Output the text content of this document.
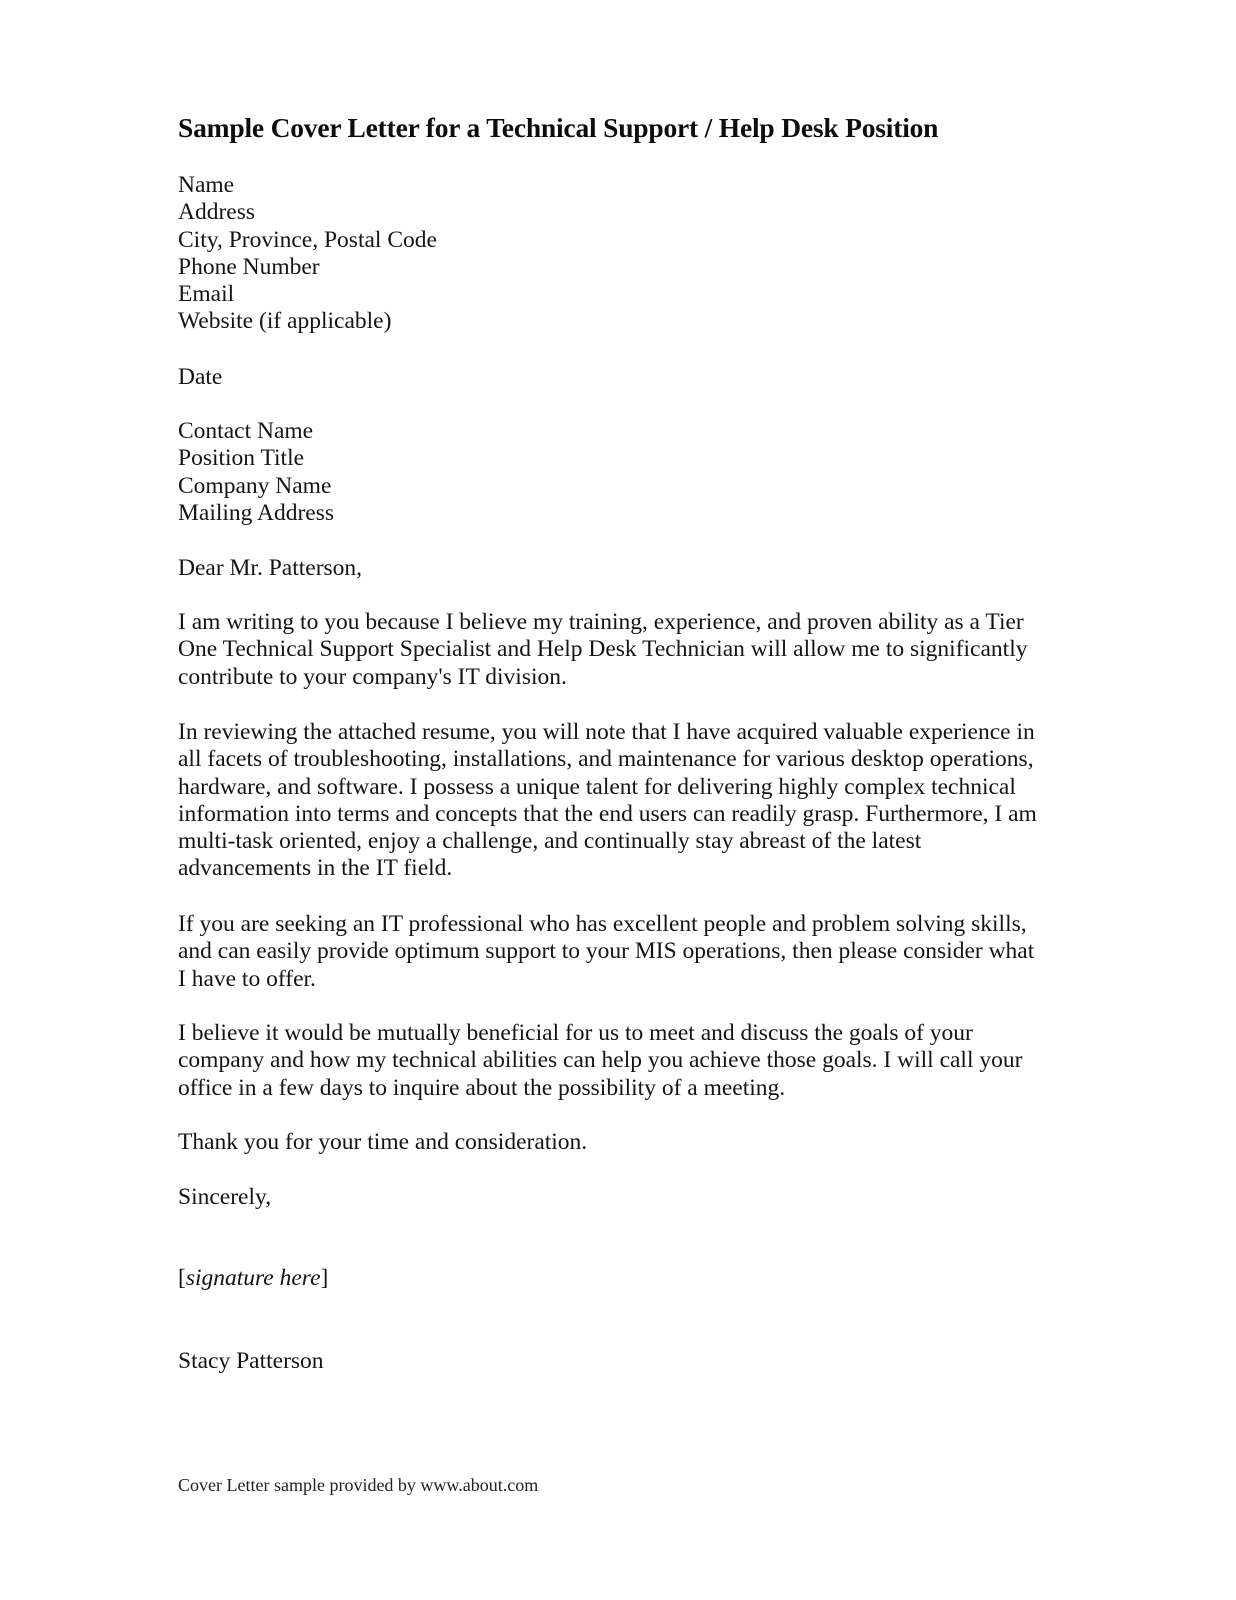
Sample Cover Letter for a Technical Support / Help Desk Position
Name
Address
City, Province, Postal Code
Phone Number
Email
Website (if applicable)
Date
Contact Name
Position Title
Company Name
Mailing Address
Dear Mr. Patterson,
I am writing to you because I believe my training, experience, and proven ability as a Tier
One Technical Support Specialist and Help Desk Technician will allow me to significantly
contribute to your company's IT division.
In reviewing the attached resume, you will note that I have acquired valuable experience in
all facets of troubleshooting, installations, and maintenance for various desktop operations,
hardware, and software. I possess a unique talent for delivering highly complex technical
information into terms and concepts that the end users can readily grasp. Furthermore, I am
multi-task oriented, enjoy a challenge, and continually stay abreast of the latest
advancements in the IT field.
If you are seeking an IT professional who has excellent people and problem solving skills,
and can easily provide optimum support to your MIS operations, then please consider what
I have to offer.
I believe it would be mutually beneficial for us to meet and discuss the goals of your
company and how my technical abilities can help you achieve those goals. I will call your
office in a few days to inquire about the possibility of a meeting.
Thank you for your time and consideration.
Sincerely,
[signature here]
Stacy Patterson
Cover Letter sample provided by www.about.com
